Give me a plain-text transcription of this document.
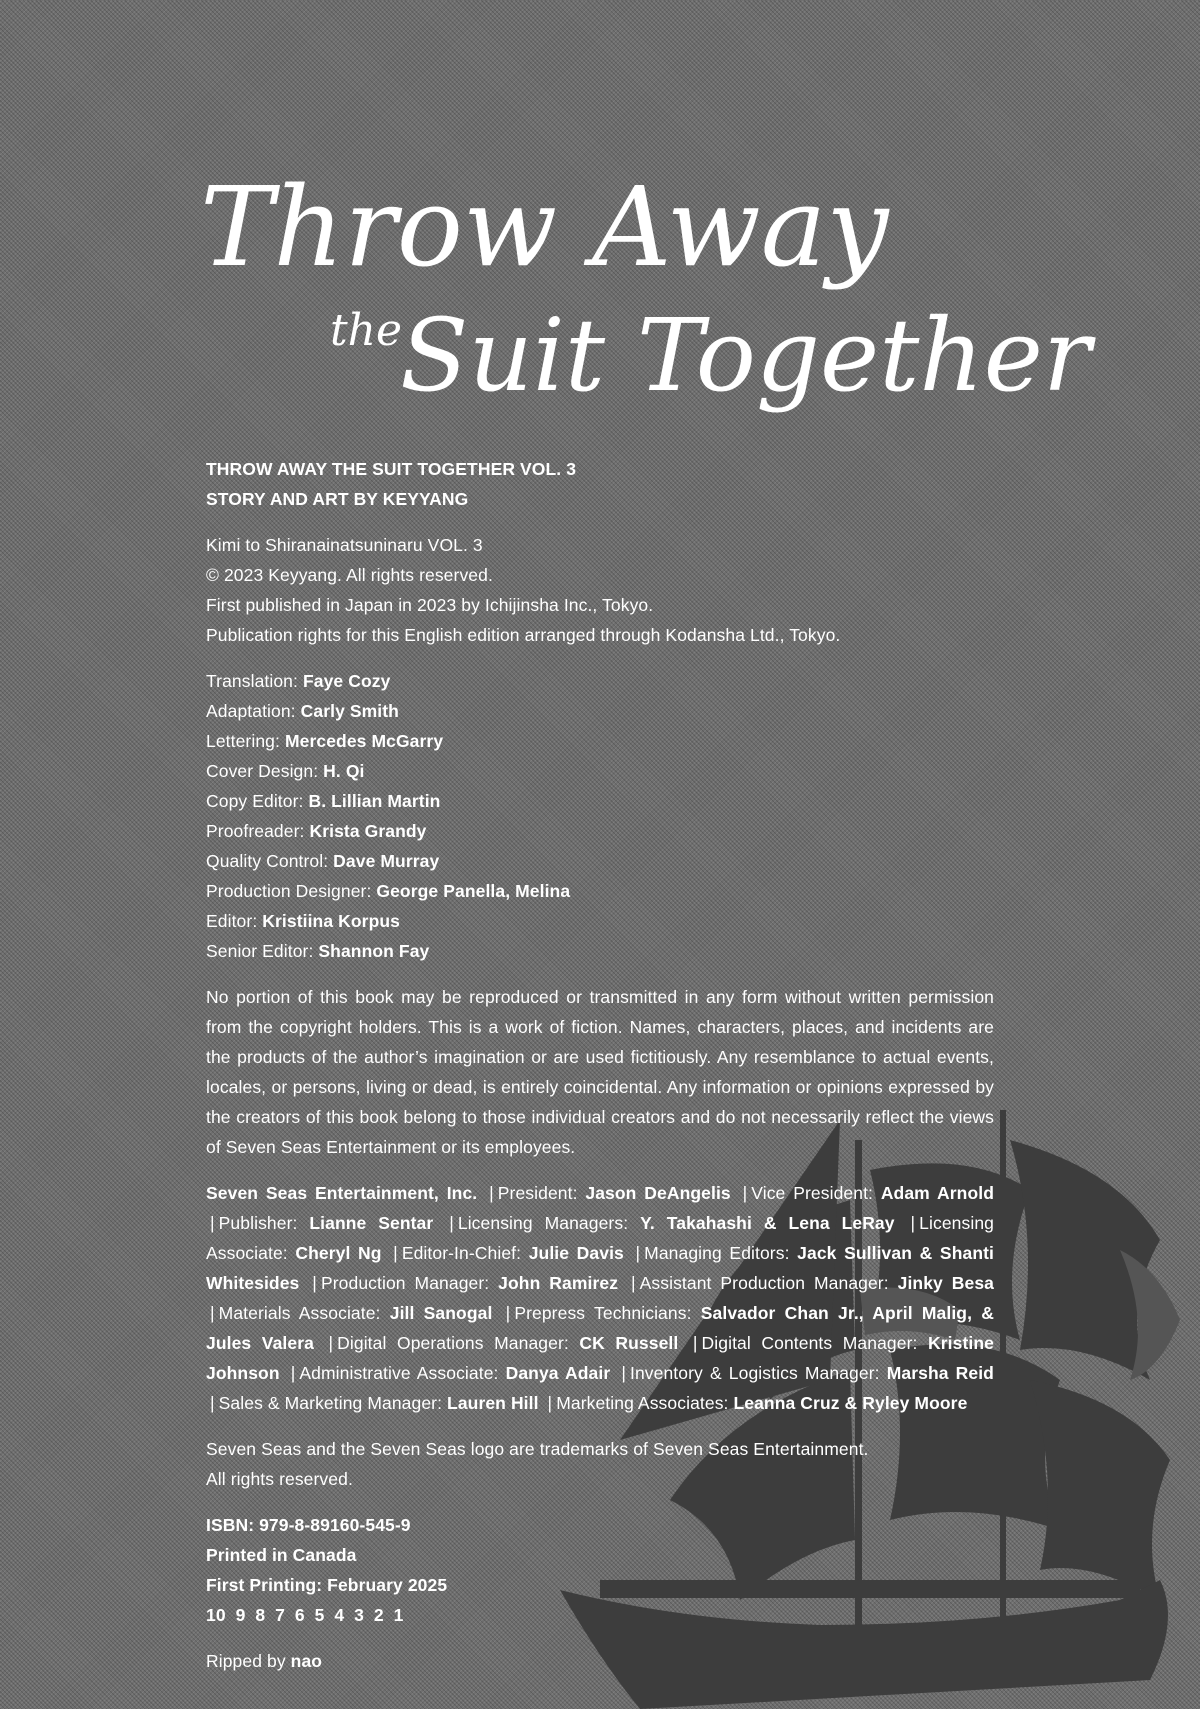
Throw Away
the
Suit Together
THROW AWAY THE SUIT TOGETHER VOL. 3
STORY AND ART BY KEYYANG
Kimi to Shiranainatsuninaru VOL. 3
© 2023 Keyyang. All rights reserved.
First published in Japan in 2023 by Ichijinsha Inc., Tokyo.
Publication rights for this English edition arranged through Kodansha Ltd., Tokyo.
Translation: Faye Cozy
Adaptation: Carly Smith
Lettering: Mercedes McGarry
Cover Design: H. Qi
Copy Editor: B. Lillian Martin
Proofreader: Krista Grandy
Quality Control: Dave Murray
Production Designer: George Panella, Melina
Editor: Kristiina Korpus
Senior Editor: Shannon Fay

No portion of this book may be reproduced or transmitted in any form without written permission from the copyright holders. This is a work of fiction. Names, characters, places, and incidents are the products of the author’s imagination or are used fictitiously. Any resemblance to actual events, locales, or persons, living or dead, is entirely coincidental. Any information or opinions expressed by the creators of this book belong to those individual creators and do not necessarily reflect the views of Seven Seas Entertainment or its employees.

Seven Seas Entertainment, Inc. | President: Jason DeAngelis | Vice President: Adam Arnold | Publisher: Lianne Sentar | Licensing Managers: Y. Takahashi & Lena LeRay | Licensing Associate: Cheryl Ng | Editor-In-Chief: Julie Davis | Managing Editors: Jack Sullivan & Shanti Whitesides | Production Manager: John Ramirez | Assistant Production Manager: Jinky Besa | Materials Associate: Jill Sanogal | Prepress Technicians: Salvador Chan Jr., April Malig, & Jules Valera | Digital Operations Manager: CK Russell | Digital Contents Manager: Kristine Johnson | Administrative Associate: Danya Adair | Inventory & Logistics Manager: Marsha Reid | Sales & Marketing Manager: Lauren Hill | Marketing Associates: Leanna Cruz & Ryley Moore

Seven Seas and the Seven Seas logo are trademarks of Seven Seas Entertainment.
All rights reserved.
ISBN: 979-8-89160-545-9
Printed in Canada
First Printing: February 2025
10  9  8  7  6  5  4  3  2  1
Ripped by nao
